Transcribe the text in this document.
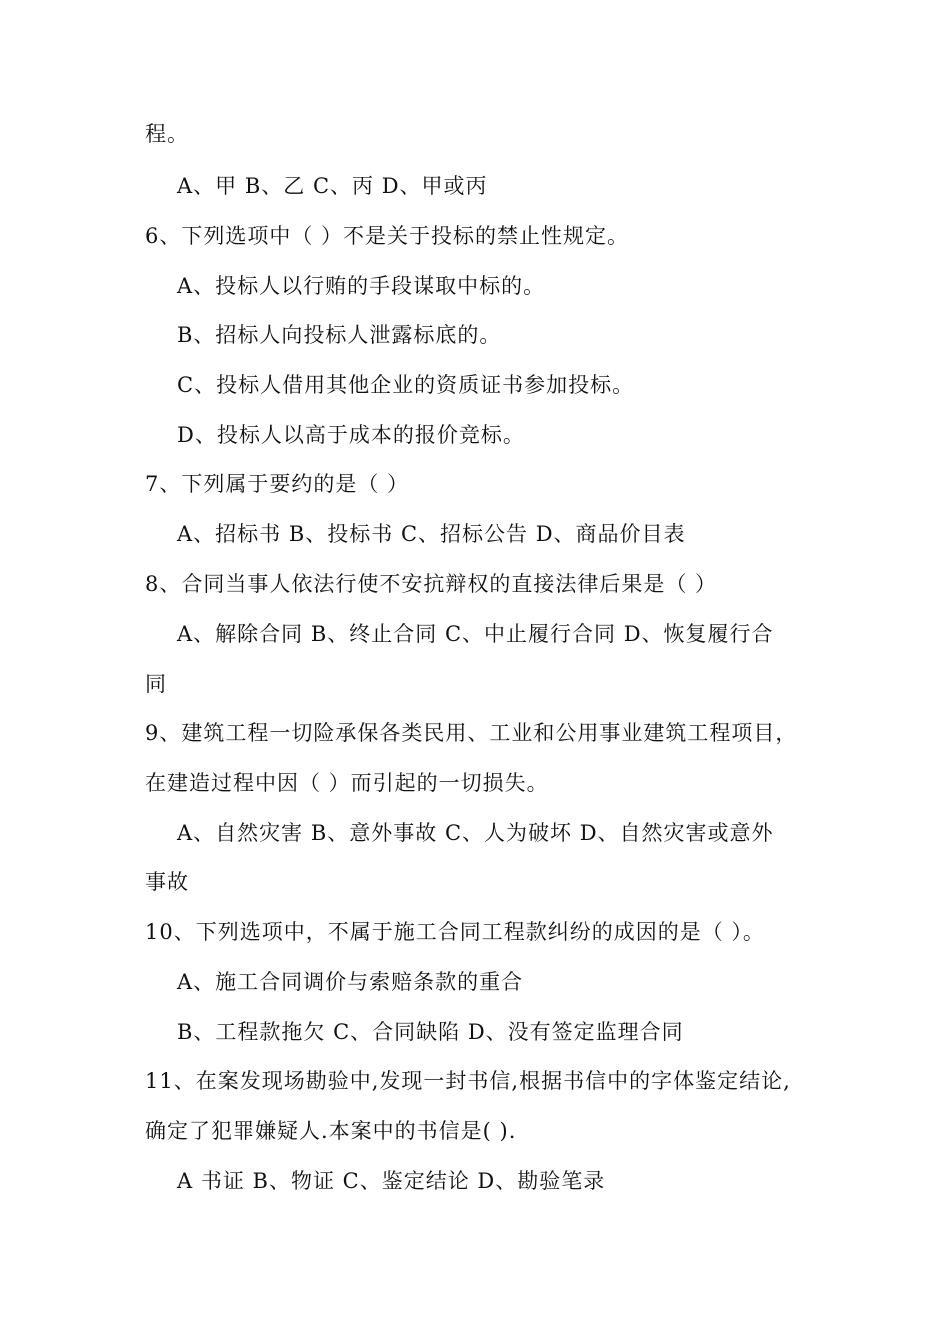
程。
A、甲 B、乙 C、丙 D、甲或丙
6、下列选项中（ ）不是关于投标的禁止性规定。
A、投标人以行贿的手段谋取中标的。
B、招标人向投标人泄露标底的。
C、投标人借用其他企业的资质证书参加投标。
D、投标人以高于成本的报价竞标。
7、下列属于要约的是（ ）
A、招标书 B、投标书 C、招标公告 D、商品价目表
8、合同当事人依法行使不安抗辩权的直接法律后果是（ ）
A、解除合同 B、终止合同 C、中止履行合同 D、恢复履行合
同
9、建筑工程一切险承保各类民用、工业和公用事业建筑工程项目，
在建造过程中因（ ）而引起的一切损失。
A、自然灾害 B、意外事故 C、人为破坏 D、自然灾害或意外
事故
10、下列选项中，不属于施工合同工程款纠纷的成因的是（ ）。
A、施工合同调价与索赔条款的重合
B、工程款拖欠 C、合同缺陷 D、没有签定监理合同
11、在案发现场勘验中,发现一封书信,根据书信中的字体鉴定结论,
确定了犯罪嫌疑人.本案中的书信是( ).
A 书证 B、物证 C、鉴定结论 D、勘验笔录
